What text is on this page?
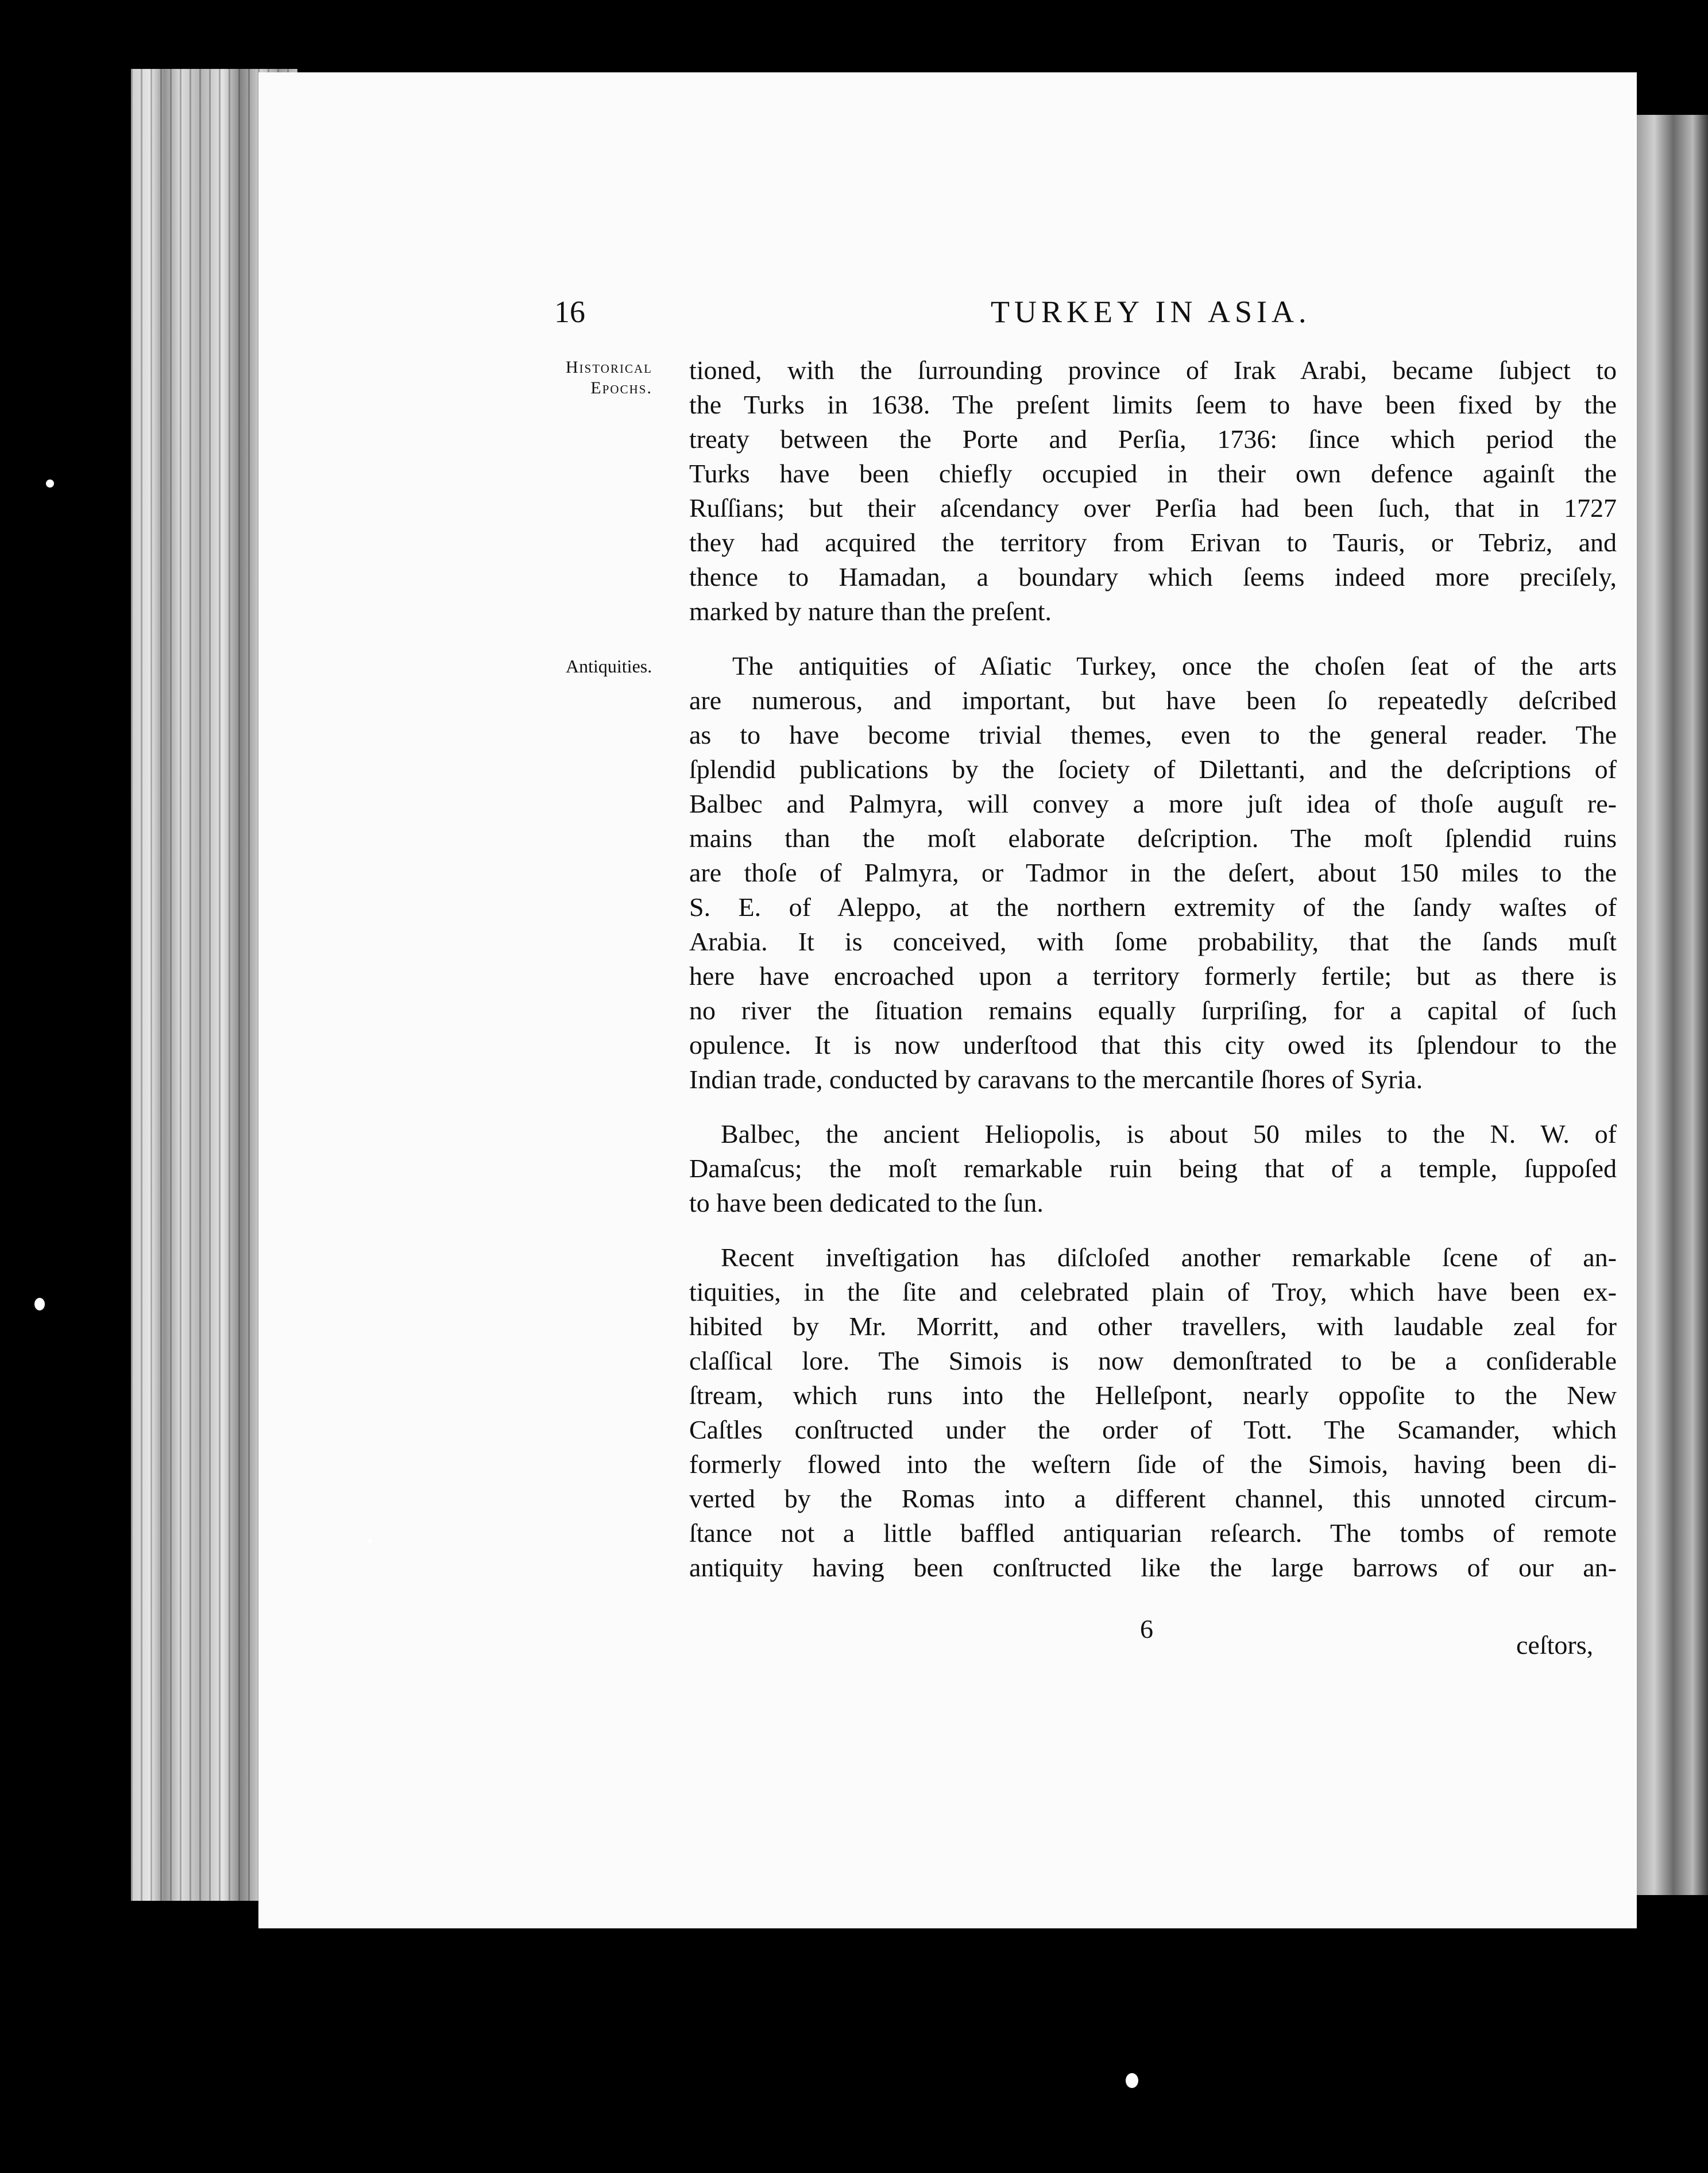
16	TURKEY IN ASIA.
Historical
Epochs.
Antiquities.
tioned, with the ſurrounding province of Irak Arabi, became ſubject to
the Turks in 1638. The preſent limits ſeem to have been fixed by the
treaty between the Porte and Perſia, 1736: ſince which period the
Turks have been chiefly occupied in their own defence againſt the
Ruſſians; but their aſcendancy over Perſia had been ſuch, that in 1727
they had acquired the territory from Erivan to Tauris, or Tebriz, and
thence to Hamadan, a boundary which ſeems indeed more preciſely,
marked by nature than the preſent.
The antiquities of Aſiatic Turkey, once the choſen ſeat of the arts
are numerous, and important, but have been ſo repeatedly deſcribed
as to have become trivial themes, even to the general reader. The
ſplendid publications by the ſociety of Dilettanti, and the deſcriptions of
Balbec and Palmyra, will convey a more juſt idea of thoſe auguſt re-
mains than the moſt elaborate deſcription. The moſt ſplendid ruins
are thoſe of Palmyra, or Tadmor in the deſert, about 150 miles to the
S. E. of Aleppo, at the northern extremity of the ſandy waſtes of
Arabia. It is conceived, with ſome probability, that the ſands muſt
here have encroached upon a territory formerly fertile; but as there is
no river the ſituation remains equally ſurpriſing, for a capital of ſuch
opulence. It is now underſtood that this city owed its ſplendour to the
Indian trade, conducted by caravans to the mercantile ſhores of Syria.
Balbec, the ancient Heliopolis, is about 50 miles to the N. W. of
Damaſcus; the moſt remarkable ruin being that of a temple, ſuppoſed
to have been dedicated to the ſun.
Recent inveſtigation has diſcloſed another remarkable ſcene of an-
tiquities, in the ſite and celebrated plain of Troy, which have been ex-
hibited by Mr. Morritt, and other travellers, with laudable zeal for
claſſical lore. The Simois is now demonſtrated to be a conſiderable
ſtream, which runs into the Helleſpont, nearly oppoſite to the New
Caſtles conſtructed under the order of Tott. The Scamander, which
formerly flowed into the weſtern ſide of the Simois, having been di-
verted by the Romas into a different channel, this unnoted circum-
ſtance not a little baffled antiquarian reſearch. The tombs of remote
antiquity having been conſtructed like the large barrows of our an-
6
ceſtors,
